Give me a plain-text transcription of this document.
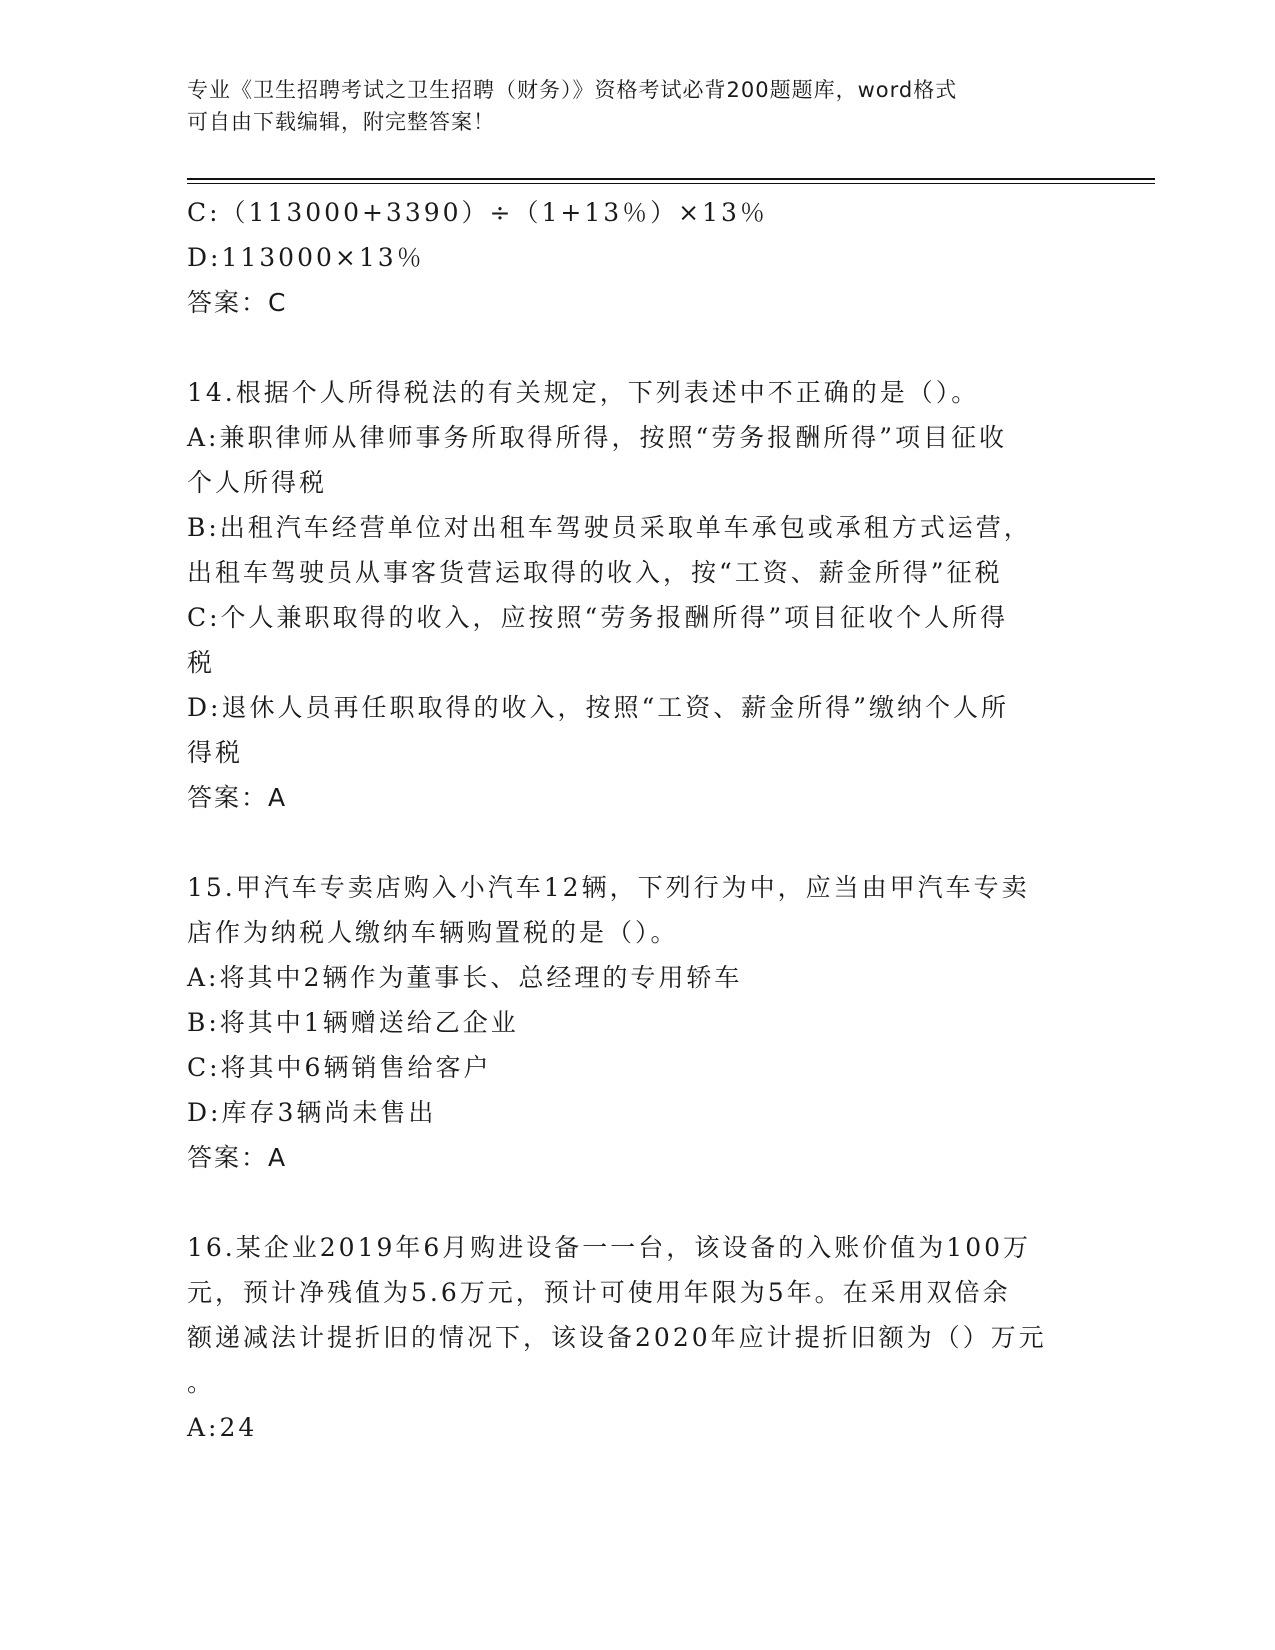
专业《卫生招聘考试之卫生招聘（财务）》资格考试必背200题题库，word格式
可自由下载编辑，附完整答案！
C:（113000+3390）÷（1+13％）×13％
D:113000×13％
答案：C
14.根据个人所得税法的有关规定，下列表述中不正确的是（）。
A:兼职律师从律师事务所取得所得，按照“劳务报酬所得”项目征收
个人所得税
B:出租汽车经营单位对出租车驾驶员采取单车承包或承租方式运营，
出租车驾驶员从事客货营运取得的收入，按“工资、薪金所得”征税
C:个人兼职取得的收入，应按照“劳务报酬所得”项目征收个人所得
税
D:退休人员再任职取得的收入，按照“工资、薪金所得”缴纳个人所
得税
答案：A
15.甲汽车专卖店购入小汽车12辆，下列行为中，应当由甲汽车专卖
店作为纳税人缴纳车辆购置税的是（）。
A:将其中2辆作为董事长、总经理的专用轿车
B:将其中1辆赠送给乙企业
C:将其中6辆销售给客户
D:库存3辆尚未售出
答案：A
16.某企业2019年6月购进设备一一台，该设备的入账价值为100万
元，预计净残值为5.6万元，预计可使用年限为5年。在采用双倍余
额递减法计提折旧的情况下，该设备2020年应计提折旧额为（）万元
。
A:24
